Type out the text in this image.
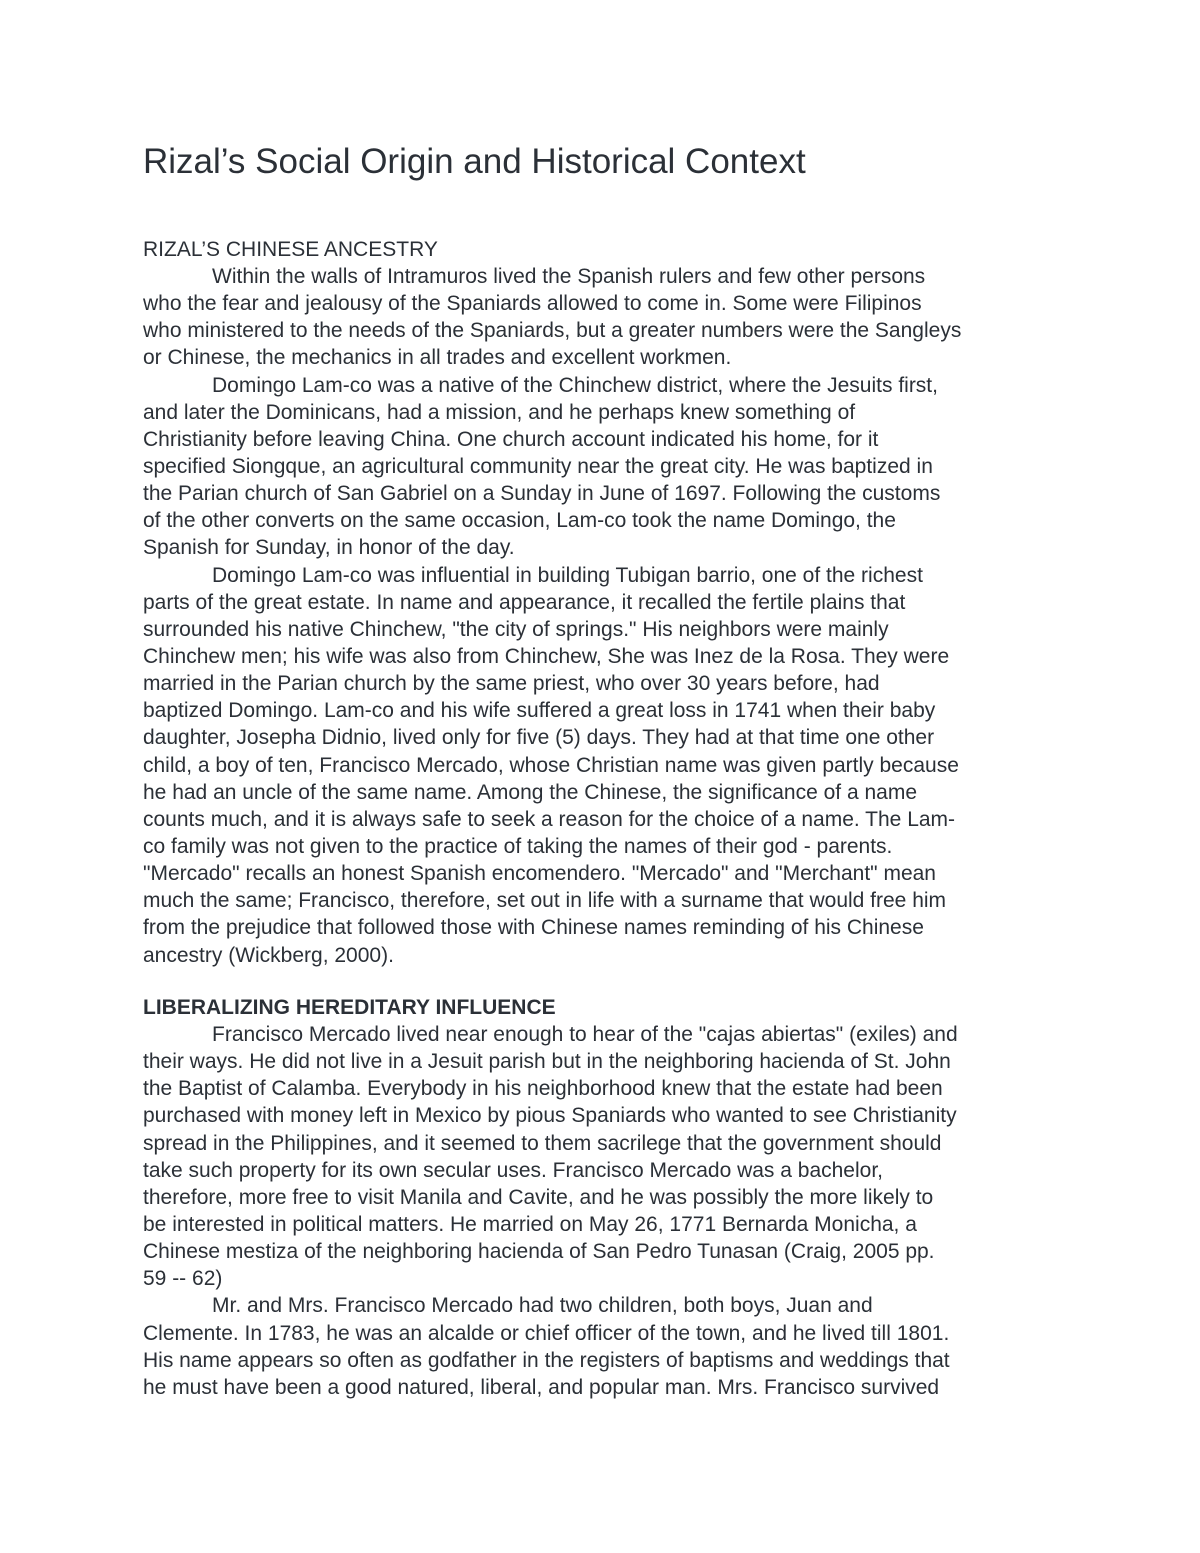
Rizal’s Social Origin and Historical Context
RIZAL’S CHINESE ANCESTRY
Within the walls of Intramuros lived the Spanish rulers and few other persons
who the fear and jealousy of the Spaniards allowed to come in. Some were Filipinos
who ministered to the needs of the Spaniards, but a greater numbers were the Sangleys
or Chinese, the mechanics in all trades and excellent workmen.
Domingo Lam-co was a native of the Chinchew district, where the Jesuits first,
and later the Dominicans, had a mission, and he perhaps knew something of
Christianity before leaving China. One church account indicated his home, for it
specified Siongque, an agricultural community near the great city. He was baptized in
the Parian church of San Gabriel on a Sunday in June of 1697. Following the customs
of the other converts on the same occasion, Lam-co took the name Domingo, the
Spanish for Sunday, in honor of the day.
Domingo Lam-co was influential in building Tubigan barrio, one of the richest
parts of the great estate. In name and appearance, it recalled the fertile plains that
surrounded his native Chinchew, "the city of springs." His neighbors were mainly
Chinchew men; his wife was also from Chinchew, She was Inez de la Rosa. They were
married in the Parian church by the same priest, who over 30 years before, had
baptized Domingo. Lam-co and his wife suffered a great loss in 1741 when their baby
daughter, Josepha Didnio, lived only for five (5) days. They had at that time one other
child, a boy of ten, Francisco Mercado, whose Christian name was given partly because
he had an uncle of the same name. Among the Chinese, the significance of a name
counts much, and it is always safe to seek a reason for the choice of a name. The Lam-
co family was not given to the practice of taking the names of their god - parents.
"Mercado" recalls an honest Spanish encomendero. "Mercado" and "Merchant" mean
much the same; Francisco, therefore, set out in life with a surname that would free him
from the prejudice that followed those with Chinese names reminding of his Chinese
ancestry (Wickberg, 2000).
LIBERALIZING HEREDITARY INFLUENCE
Francisco Mercado lived near enough to hear of the "cajas abiertas" (exiles) and
their ways. He did not live in a Jesuit parish but in the neighboring hacienda of St. John
the Baptist of Calamba. Everybody in his neighborhood knew that the estate had been
purchased with money left in Mexico by pious Spaniards who wanted to see Christianity
spread in the Philippines, and it seemed to them sacrilege that the government should
take such property for its own secular uses. Francisco Mercado was a bachelor,
therefore, more free to visit Manila and Cavite, and he was possibly the more likely to
be interested in political matters. He married on May 26, 1771 Bernarda Monicha, a
Chinese mestiza of the neighboring hacienda of San Pedro Tunasan (Craig, 2005 pp.
59 -- 62)
Mr. and Mrs. Francisco Mercado had two children, both boys, Juan and
Clemente. In 1783, he was an alcalde or chief officer of the town, and he lived till 1801.
His name appears so often as godfather in the registers of baptisms and weddings that
he must have been a good natured, liberal, and popular man. Mrs. Francisco survived
